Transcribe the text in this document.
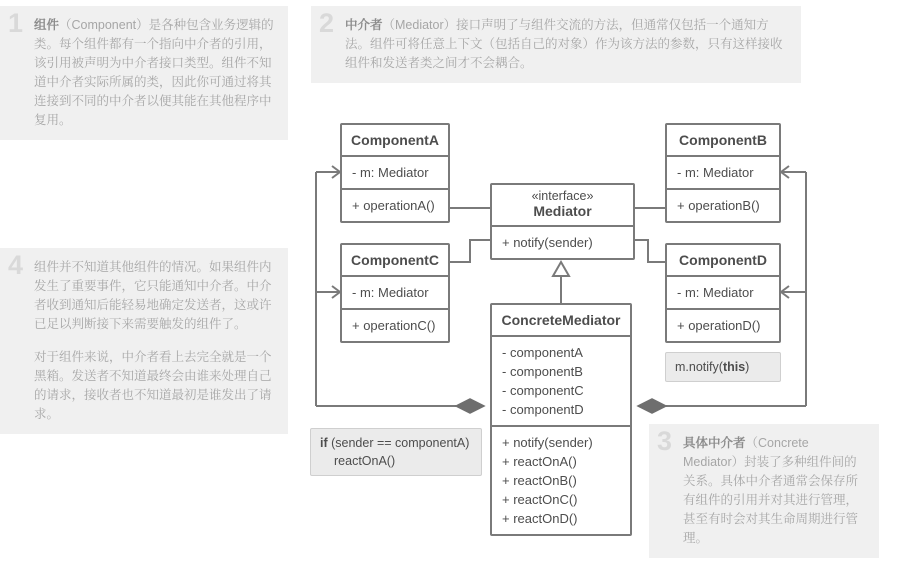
1 组件（Component）是各种包含业务逻辑的类。每个组件都有一个指向中介者的引用，该引用被声明为中介者接口类型。组件不知道中介者实际所属的类，因此你可通过将其连接到不同的中介者以便其能在其他程序中复用。

2 中介者（Mediator）接口声明了与组件交流的方法，但通常仅包括一个通知方法。组件可将任意上下文（包括自己的对象）作为该方法的参数，只有这样接收组件和发送者类之间才不会耦合。

4 组件并不知道其他组件的情况。如果组件内发生了重要事件，它只能通知中介者。中介者收到通知后能轻易地确定发送者，这或许已足以判断接下来需要触发的组件了。

对于组件来说，中介者看上去完全就是一个黑箱。发送者不知道最终会由谁来处理自己的请求，接收者也不知道最初是谁发出了请求。

3 具体中介者（Concrete Mediator）封装了多种组件间的关系。具体中介者通常会保存所有组件的引用并对其进行管理，甚至有时会对其生命周期进行管理。

ComponentA
- m: Mediator
+ operationA()
ComponentB
- m: Mediator
+ operationB()
ComponentC
- m: Mediator
+ operationC()
ComponentD
- m: Mediator
+ operationD()
«interface»
Mediator
+ notify(sender)
ConcreteMediator
- componentA
- componentB
- componentC
- componentD
+ notify(sender)
+ reactOnA()
+ reactOnB()
+ reactOnC()
+ reactOnD()
if (sender == componentA)
reactOnA()
m.notify(this)
